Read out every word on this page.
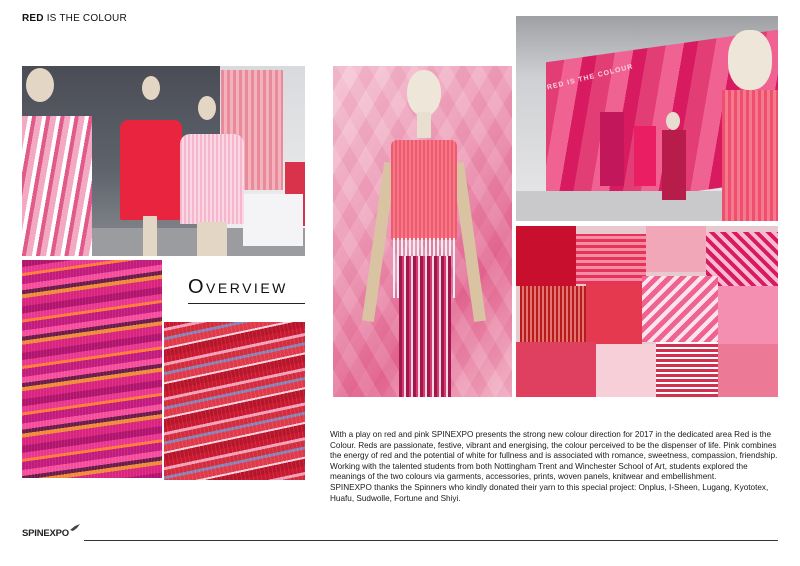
RED IS THE COLOUR
Overview
RED IS THE COLOUR

With a play on red and pink SPINEXPO presents the strong new colour direction for 2017 in the dedicated area Red is the Colour. Reds are passionate, festive, vibrant and energising, the colour perceived to be the dispenser of life. Pink combines the energy of red and the potential of white for fullness and is associated with romance, sweetness, compassion, friendship. Working with the talented students from both Nottingham Trent and Winchester School of Art, students explored the meanings of the two colours via garments, accessories, prints, woven panels, knitwear and embellishment.

SPINEXPO thanks the Spinners who kindly donated their yarn to this special project: Onplus, I-Sheen, Lugang, Kyototex, Huafu, Sudwolle, Fortune and Shiyi.

SPINEXPO
